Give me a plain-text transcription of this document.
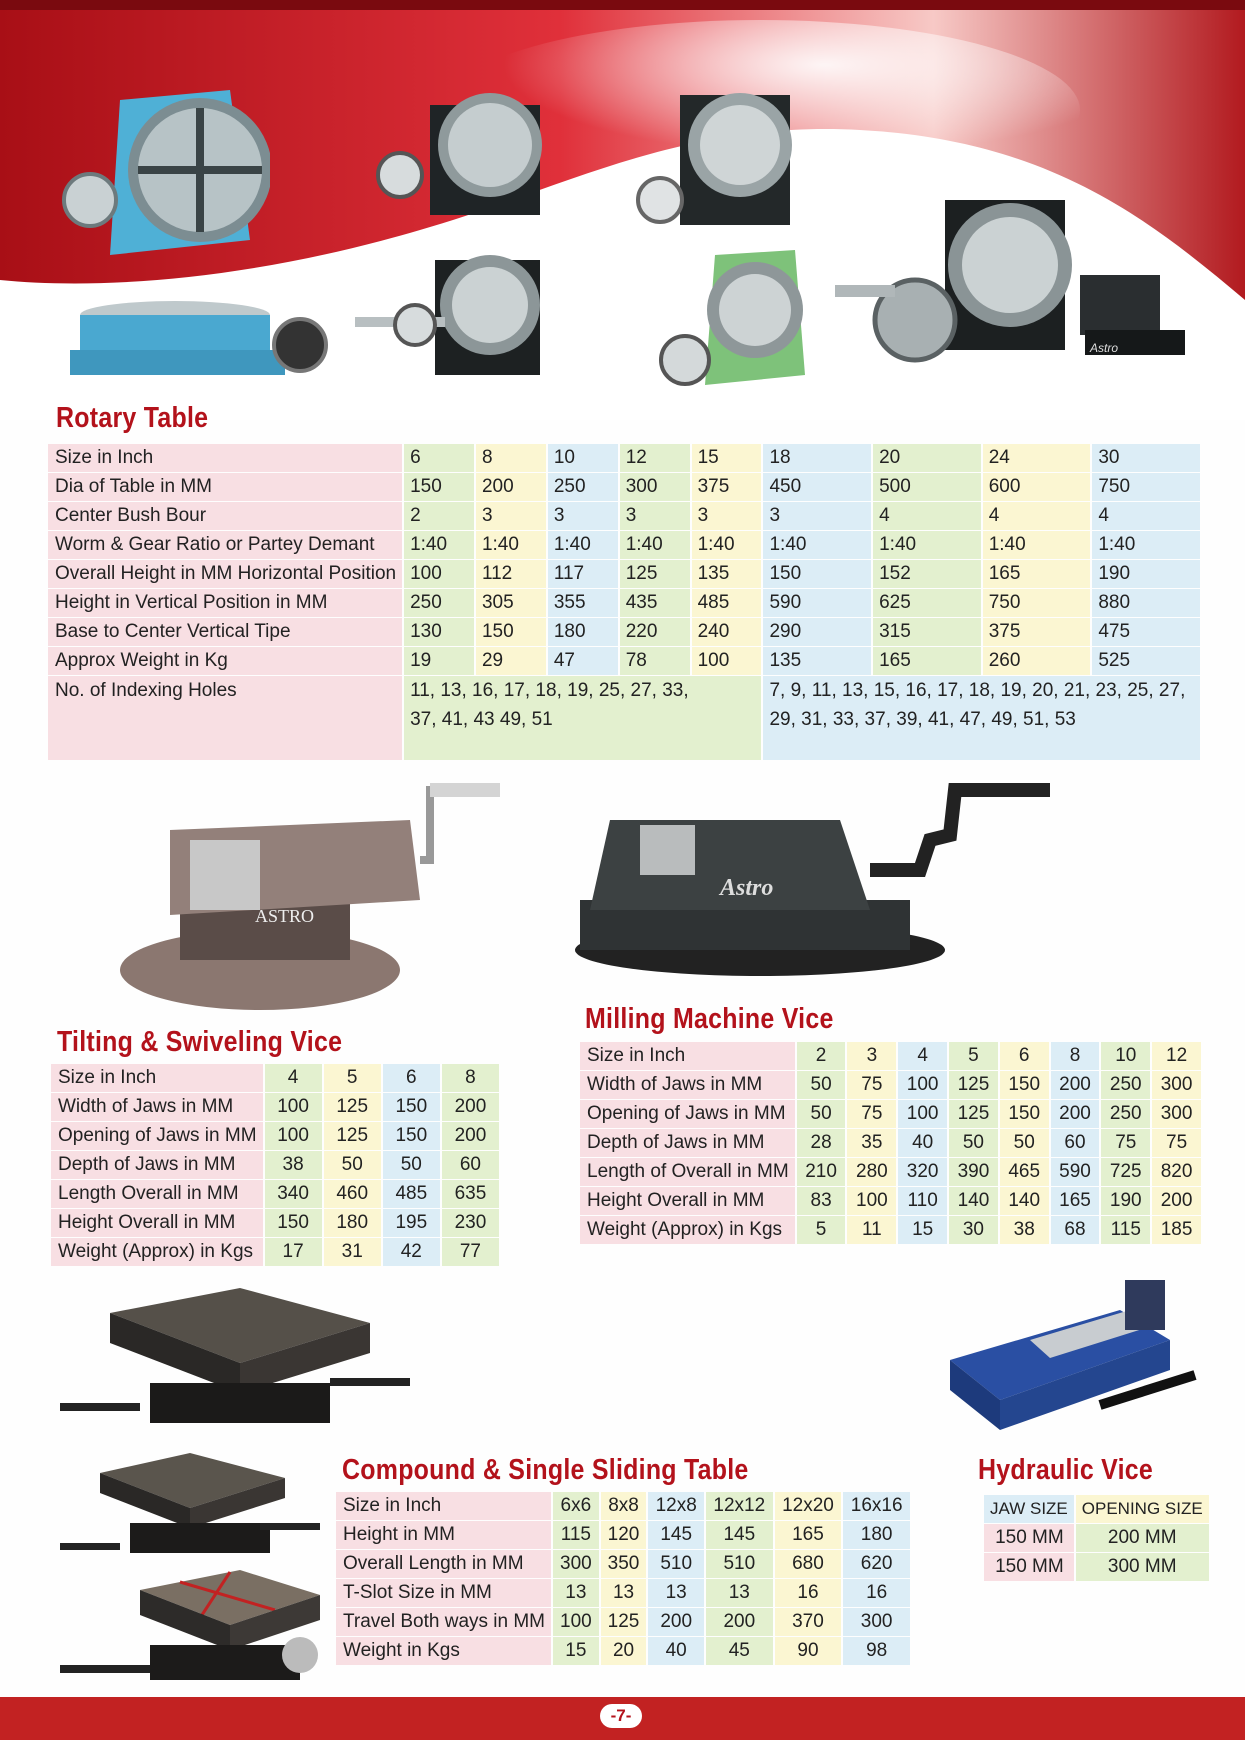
Astro
Rotary Table
Size in Inch	6	8	10	12	15	18	20	24	30
Dia of Table in MM	150	200	250	300	375	450	500	600	750
Center Bush Bour	2	3	3	3	3	3	4	4	4
Worm & Gear Ratio or Partey Demant	1:40	1:40	1:40	1:40	1:40	1:40	1:40	1:40	1:40
Overall Height in MM Horizontal Position	100	112	117	125	135	150	152	165	190
Height in Vertical Position in MM	250	305	355	435	485	590	625	750	880
Base to Center Vertical Tipe	130	150	180	220	240	290	315	375	475
Approx Weight in Kg	19	29	47	78	100	135	165	260	525
No. of Indexing Holes	11, 13, 16, 17, 18, 19, 25, 27, 33, 37, 41, 43 49, 51					7, 9, 11, 13, 15, 16, 17, 18, 19, 20, 21, 23, 25, 27, 29, 31, 33, 37, 39, 41, 47, 49, 51, 53			
ASTRO
Tilting & Swiveling Vice
Size in Inch	4	5	6	8
Width of Jaws in MM	100	125	150	200
Opening of Jaws in MM	100	125	150	200
Depth of Jaws in MM	38	50	50	60
Length Overall in MM	340	460	485	635
Height Overall in MM	150	180	195	230
Weight (Approx) in Kgs	17	31	42	77
Astro
Milling Machine Vice
Size in Inch	2	3	4	5	6	8	10	12
Width of Jaws in MM	50	75	100	125	150	200	250	300
Opening of Jaws in MM	50	75	100	125	150	200	250	300
Depth of Jaws in MM	28	35	40	50	50	60	75	75
Length of Overall in MM	210	280	320	390	465	590	725	820
Height Overall in MM	83	100	110	140	140	165	190	200
Weight (Approx) in Kgs	5	11	15	30	38	68	115	185
Compound & Single Sliding Table
Size in Inch	6x6	8x8	12x8	12x12	12x20	16x16
Height in MM	115	120	145	145	165	180
Overall Length in MM	300	350	510	510	680	620
T-Slot Size in MM	13	13	13	13	16	16
Travel Both ways in MM	100	125	200	200	370	300
Weight in Kgs	15	20	40	45	90	98
Hydraulic Vice
JAW SIZE	OPENING SIZE
150 MM	200 MM
150 MM	300 MM
-7-
